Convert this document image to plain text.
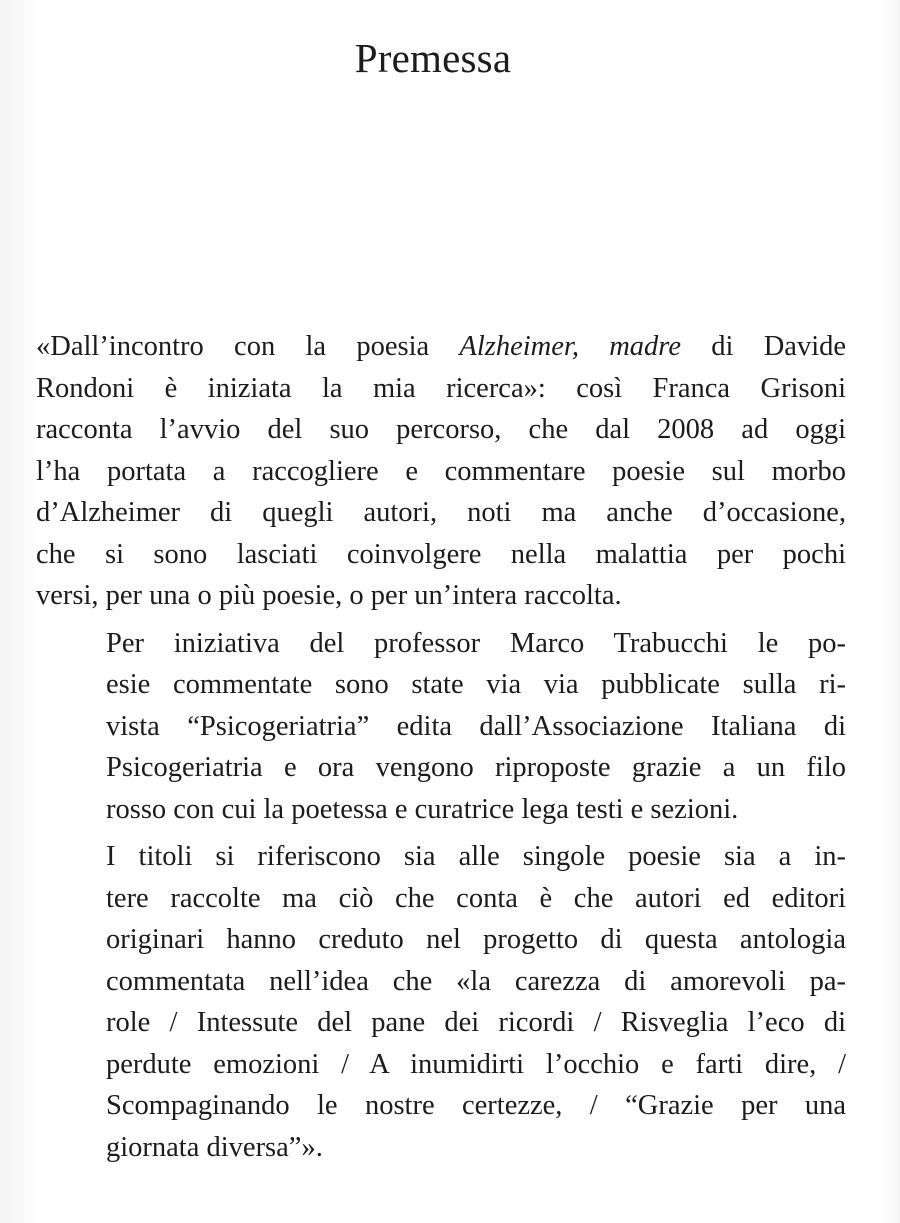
Premessa

«Dall’incontro con la poesia Alzheimer, madre di Davide
Rondoni è iniziata la mia ricerca»: così Franca Grisoni
racconta l’avvio del suo percorso, che dal 2008 ad oggi
l’ha portata a raccogliere e commentare poesie sul morbo
d’Alzheimer di quegli autori, noti ma anche d’occasione,
che si sono lasciati coinvolgere nella malattia per pochi
versi, per una o più poesie, o per un’intera raccolta.

Per iniziativa del professor Marco Trabucchi le po-
esie commentate sono state via via pubblicate sulla ri-
vista “Psicogeriatria” edita dall’Associazione Italiana di
Psicogeriatria e ora vengono riproposte grazie a un filo
rosso con cui la poetessa e curatrice lega testi e sezioni.

I titoli si riferiscono sia alle singole poesie sia a in-
tere raccolte ma ciò che conta è che autori ed editori
originari hanno creduto nel progetto di questa antologia
commentata nell’idea che «la carezza di amorevoli pa-
role / Intessute del pane dei ricordi / Risveglia l’eco di
perdute emozioni / A inumidirti l’occhio e farti dire, /
Scompaginando le nostre certezze, / “Grazie per una
giornata diversa”».
